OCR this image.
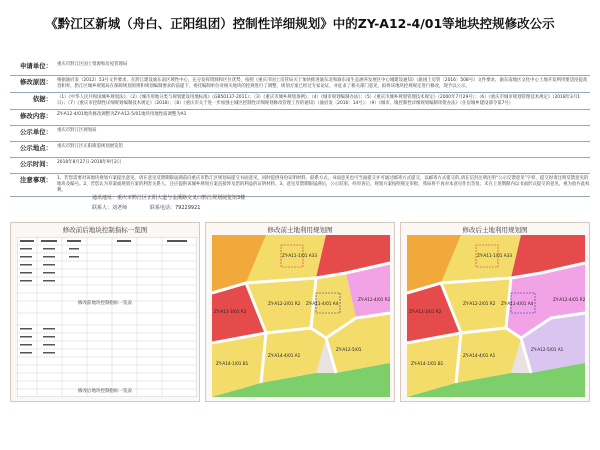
《黔江区新城（舟白、正阳组团）控制性详细规划》中的ZY-A12-4/01等地块控规修改公示
申请单位：	重庆市黔江区国土资源和房屋管理局
修改原因：	根据渝府发（2012）53号文件要求，在黔江建设渝东南区域性中心，充分发挥资源和区位优势，按照《重庆市国土房管局关于加快推进渝东北和渝东南生态涵养发展区中心城建设通知》（渝国土房管〔2016〕508号）文件要求，渝东南地区文化中心土地开发利用要适度提高容积率，黔江区城乡规划局在保障规划原则和规划编制要求的前提下，委托编制单位对相关地块的控规进行了调整，规划方案已经过专家论证，并征求了相关部门意见，拟将该地块控规规定进行修改，现予以公示。
依据：	（1）《中华人民共和国城乡规划法》；（2）《城市用地分类与规划建设用地标准》（GB50137-2011）；（3）《重庆市城乡规划条例》；（4）《城市规划编制办法》；（5）《重庆市城乡规划管理技术规定》（2000年7月29号）；（6）《重庆市城市规划管理技术规定》（2018年3月1日）；（7）《重庆市控制性详细规划编制技术规定》（2018）；（8）《重庆市关于进一步加强主城区控制性详细规划修改管理工作的通知》（渝府发〔2016〕14号）；（9）《城市、镇控制性详细规划编制审批办法》（住房城乡建设部令第7号）
修改内容：	ZY-A12-4/01地块修改调整为ZY-A12-5/01地块用地性质调整为A1
公示单位：	重庆市黔江区规划局
公示地点：	重庆市黔江区正阳街道规划展览馆
公示时间：	2018年8月27日-2018年9月2日
注意事项：	1、若您需要对该地块规划方案提出意见，请在意见反馈期限届满前向重庆市黔江区规划局提交书面意见，同时提供身份证明材料、联系方式，书面意见也可当面提交并可通过邮寄方式提交，以邮寄方式提交的,请在信封注明注明“公示反馈意见”字样，提交时请注明反馈意见的地块及编号。2、若您认为草案或规划方案的利害关系人，还应提供该城乡规划方案直接涉及您的利益的证明材料。3、意见反馈期限届满后，公示结束，经审查后，规划方案按照规定审批，我局将不再对本意见作出答复；未在上述期限内以书面形式提交的意见，视为放弃此权利。
通讯地址：重庆市黔江区正阳大道与金溪路交叉口黔江规划展览馆3楼
联系人：刘老师	联系电话：79229921
修改前后地块控制指标一览图
修改前地块控制指标一览表
修改后地块控制指标一览表
修改前土地利用规划图
ZY-A11-1/01 A33
ZY-A11-3/01 R2
ZY-A12-2/01 R2 ZY-A11-4/01 A4
ZY-A12-4/01 R2
ZY-A14-1/01 B1
ZY-A14-4/01 A1
ZY-A12-5/01
修改后土地利用规划图
ZY-A11-1/01 A33
ZY-A11-3/01 R2
ZY-A12-2/01 R2 ZY-A11-4/01 A4
ZY-A12-4/01 R2
ZY-A14-1/01 B1
ZY-A14-4/01 A1
ZY-A12-5/01 A1
